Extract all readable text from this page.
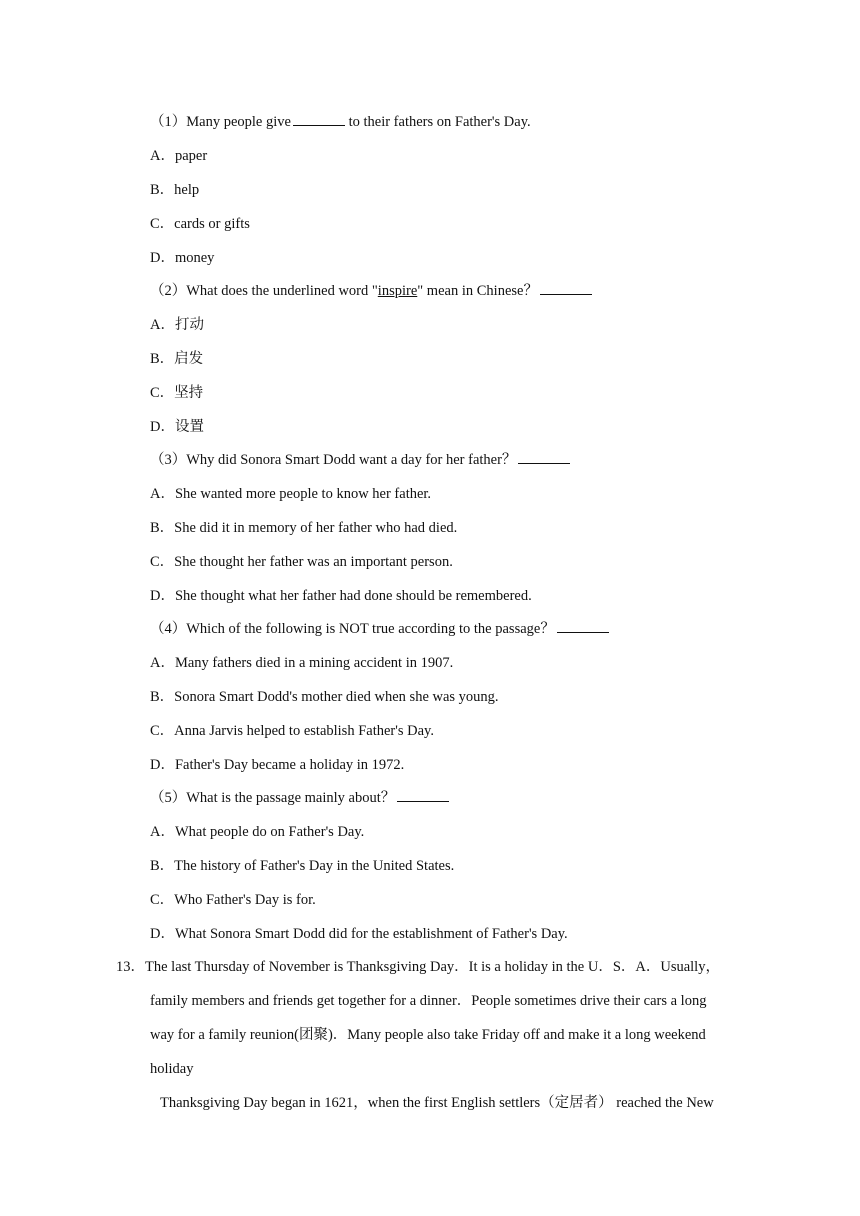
（1）Many people give	to their fathers on Father's Day.
A．paper
B．help
C．cards or gifts
D．money
（2）What does the underlined word "inspire" mean in Chinese？
A．打动
B．启发
C．坚持
D．设置
（3）Why did Sonora Smart Dodd want a day for her father？
A．She wanted more people to know her father.
B．She did it in memory of her father who had died.
C．She thought her father was an important person.
D．She thought what her father had done should be remembered.
（4）Which of the following is NOT true according to the passage？
A．Many fathers died in a mining accident in 1907.
B．Sonora Smart Dodd's mother died when she was young.
C．Anna Jarvis helped to establish Father's Day.
D．Father's Day became a holiday in 1972.
（5）What is the passage mainly about？
A．What people do on Father's Day.
B．The history of Father's Day in the United States.
C．Who Father's Day is for.
D．What Sonora Smart Dodd did for the establishment of Father's Day.
13．The last Thursday of November is Thanksgiving Day．It is a holiday in the U．S．A．Usually，
family members and friends get together for a dinner．People sometimes drive their cars a long
way for a family reunion(团聚)．Many people also take Friday off and make it a long weekend
holiday
Thanksgiving Day began in 1621，when the first English settlers（定居者） reached the New
